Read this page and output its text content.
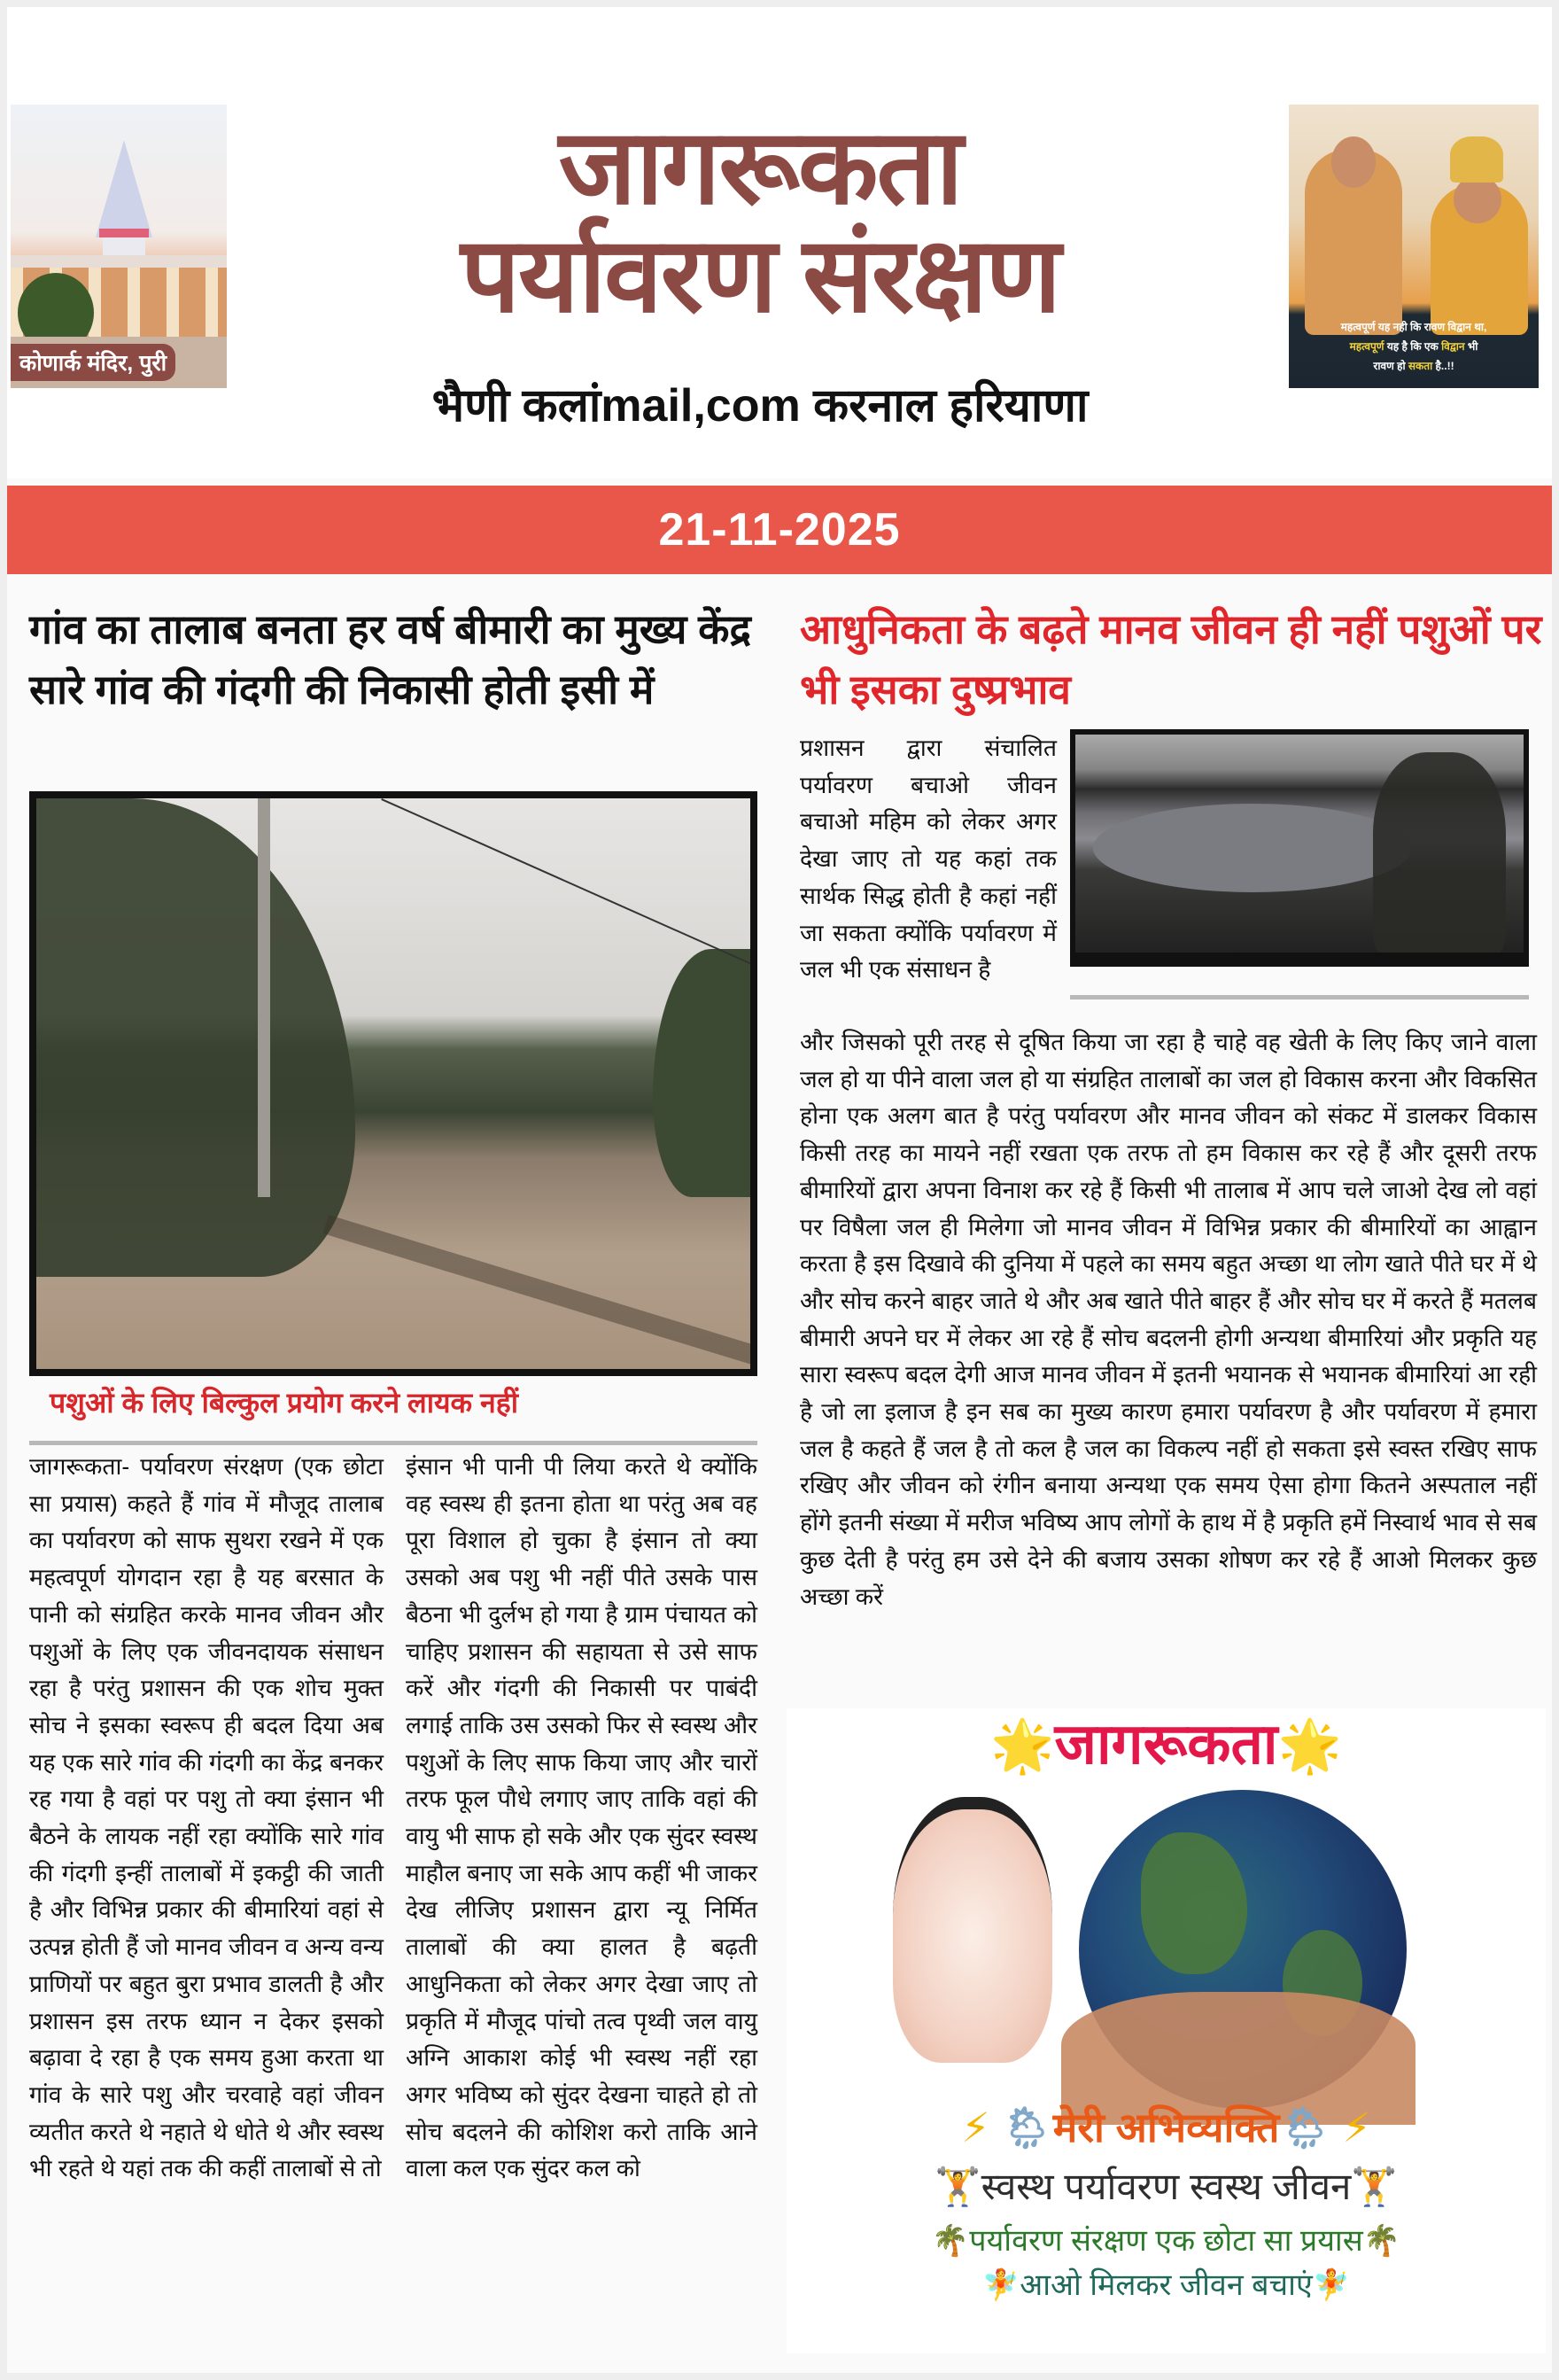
कोणार्क मंदिर, पुरी
जागरूकता
पर्यावरण संरक्षण
भैणी कलांmail,com करनाल हरियाणा
महत्वपूर्ण यह नही कि रावण विद्वान था,
महत्वपूर्ण यह है कि एक विद्वान भी
रावण हो सकता है..!!
21-11-2025
गांव का तालाब बनता हर वर्ष बीमारी का मुख्य केंद्र सारे गांव की गंदगी की निकासी होती इसी में
पशुओं के लिए बिल्कुल प्रयोग करने लायक नहीं

जागरूकता- पर्यावरण संरक्षण (एक छोटा सा प्रयास) कहते हैं गांव में मौजूद तालाब का पर्यावरण को साफ सुथरा रखने में एक महत्वपूर्ण योगदान रहा है यह बरसात के पानी को संग्रहित करके मानव जीवन और पशुओं के लिए एक जीवनदायक संसाधन रहा है परंतु प्रशासन की एक शोच मुक्त सोच ने इसका स्वरूप ही बदल दिया अब यह एक सारे गांव की गंदगी का केंद्र बनकर रह गया है वहां पर पशु तो क्या इंसान भी बैठने के लायक नहीं रहा क्योंकि सारे गांव की गंदगी इन्हीं तालाबों में इकट्ठी की जाती है और विभिन्न प्रकार की बीमारियां वहां से उत्पन्न होती हैं जो मानव जीवन व अन्य वन्य प्राणियों पर बहुत बुरा प्रभाव डालती है और प्रशासन इस तरफ ध्यान न देकर इसको बढ़ावा दे रहा है एक समय हुआ करता था गांव के सारे पशु और चरवाहे वहां जीवन व्यतीत करते थे नहाते थे धोते थे और स्वस्थ भी रहते थे यहां तक की कहीं तालाबों से तो

इंसान भी पानी पी लिया करते थे क्योंकि वह स्वस्थ ही इतना होता था परंतु अब वह पूरा विशाल हो चुका है इंसान तो क्या उसको अब पशु भी नहीं पीते उसके पास बैठना भी दुर्लभ हो गया है ग्राम पंचायत को चाहिए प्रशासन की सहायता से उसे साफ करें और गंदगी की निकासी पर पाबंदी लगाई ताकि उस उसको फिर से स्वस्थ और पशुओं के लिए साफ किया जाए और चारों तरफ फूल पौधे लगाए जाए ताकि वहां की वायु भी साफ हो सके और एक सुंदर स्वस्थ माहौल बनाए जा सके आप कहीं भी जाकर देख लीजिए प्रशासन द्वारा न्यू निर्मित तालाबों की क्या हालत है बढ़ती आधुनिकता को लेकर अगर देखा जाए तो प्रकृति में मौजूद पांचो तत्व पृथ्वी जल वायु अग्नि आकाश कोई भी स्वस्थ नहीं रहा अगर भविष्य को सुंदर देखना चाहते हो तो सोच बदलने की कोशिश करो ताकि आने वाला कल एक सुंदर कल को

आधुनिकता के बढ़ते मानव जीवन ही नहीं पशुओं पर भी इसका दुष्प्रभाव

प्रशासन द्वारा संचालित पर्यावरण बचाओ जीवन बचाओ महिम को लेकर अगर देखा जाए तो यह कहां तक सार्थक सिद्ध होती है कहां नहीं जा सकता क्योंकि पर्यावरण में जल भी एक संसाधन है

और जिसको पूरी तरह से दूषित किया जा रहा है चाहे वह खेती के लिए किए जाने वाला जल हो या पीने वाला जल हो या संग्रहित तालाबों का जल हो विकास करना और विकसित होना एक अलग बात है परंतु पर्यावरण और मानव जीवन को संकट में डालकर विकास किसी तरह का मायने नहीं रखता एक तरफ तो हम विकास कर रहे हैं और दूसरी तरफ बीमारियों द्वारा अपना विनाश कर रहे हैं किसी भी तालाब में आप चले जाओ देख लो वहां पर विषैला जल ही मिलेगा जो मानव जीवन में विभिन्न प्रकार की बीमारियों का आह्वान करता है इस दिखावे की दुनिया में पहले का समय बहुत अच्छा था लोग खाते पीते घर में थे और सोच करने बाहर जाते थे और अब खाते पीते बाहर हैं और सोच घर में करते हैं मतलब बीमारी अपने घर में लेकर आ रहे हैं सोच बदलनी होगी अन्यथा बीमारियां और प्रकृति यह सारा स्वरूप बदल देगी आज मानव जीवन में इतनी भयानक से भयानक बीमारियां आ रही है जो ला इलाज है इन सब का मुख्य कारण हमारा पर्यावरण है और पर्यावरण में हमारा जल है कहते हैं जल है तो कल है जल का विकल्प नहीं हो सकता इसे स्वस्त रखिए साफ रखिए और जीवन को रंगीन बनाया अन्यथा एक समय ऐसा होगा कितने अस्पताल नहीं होंगे इतनी संख्या में मरीज भविष्य आप लोगों के हाथ में है प्रकृति हमें निस्वार्थ भाव से सब कुछ देती है परंतु हम उसे देने की बजाय उसका शोषण कर रहे हैं आओ मिलकर कुछ अच्छा करें

🌟जागरूकता🌟
⚡ 🌦मेरी अभिव्यक्ति🌦 ⚡
🏋स्वस्थ पर्यावरण स्वस्थ जीवन🏋
🌴पर्यावरण संरक्षण एक छोटा सा प्रयास🌴
🧚आओ मिलकर जीवन बचाएं🧚
